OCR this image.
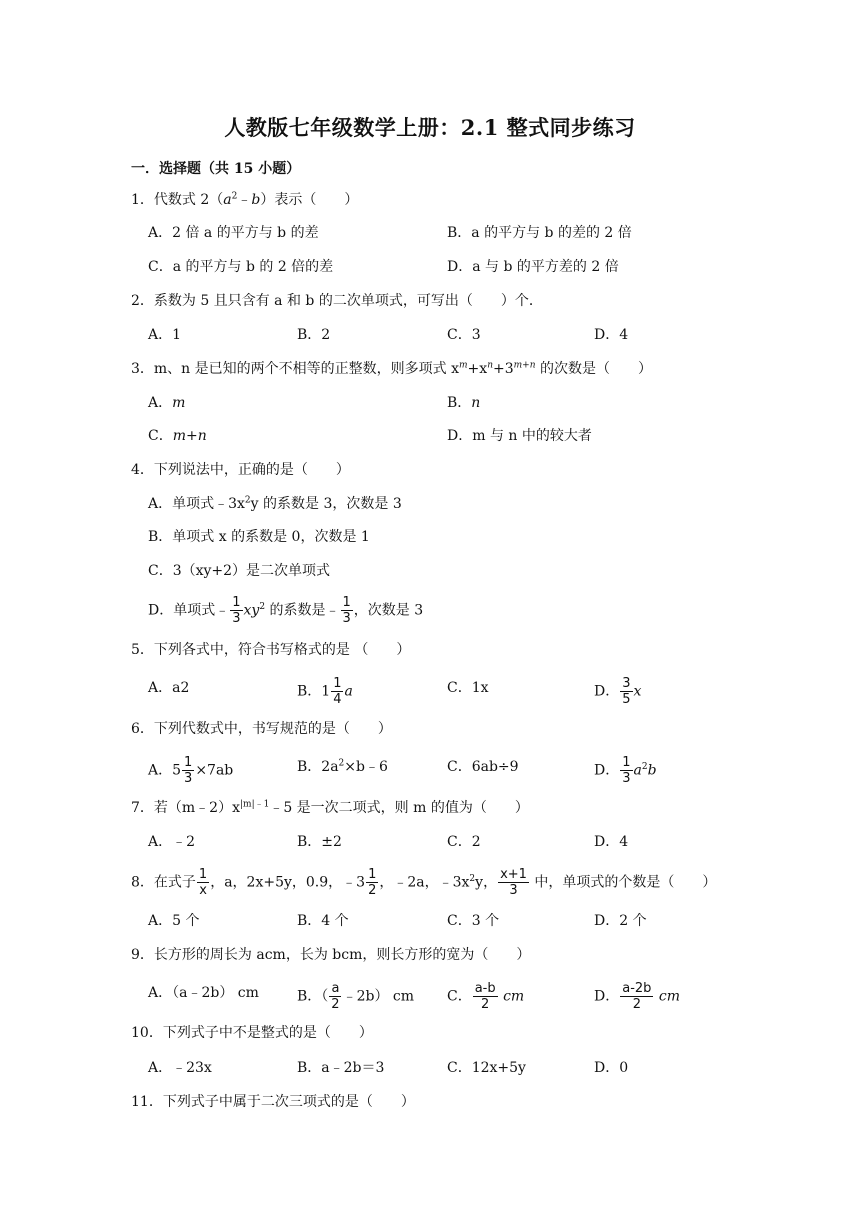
人教版七年级数学上册：2.1 整式同步练习
一．选择题（共 15 小题）
1．代数式 $2(a^2﹣b)$表示（　　）
A．2 倍 a 的平方与 b 的差	B．a 的平方与 b 的差的 2 倍
C．a 的平方与 b 的 2 倍的差	D．a 与 b 的平方差的 2 倍
2．系数为 5 且只含有 a 和 b 的二次单项式，可写出（　　）个．
A．1	B．2	C．3	D．4
3．m、n 是已知的两个不相等的正整数，则多项式 $x^m+x^n+3^{m+n}$ 的次数是（　　）
A．m	B．n
C．m+n	D．m 与 n 中的较大者
4．下列说法中，正确的是（　　）
A．单项式$﹣3x^2y$ 的系数是 3，次数是 3
B．单项式 x 的系数是 0，次数是 1
C．3（xy+2）是二次单项式
D．单项式﹣ $\frac{1}{3} xy^2$ 的系数是﹣ $\frac{1}{3}$ ，次数是 3
5．下列各式中，符合书写格式的是 （　　）
A．a2	B．$1 \frac{1}{4}$ a	C．1x	D． $\frac{3}{5}$ x
6．下列代数式中，书写规范的是（　　）
A．$5 \frac{1}{3} \times 7ab$	B．$2a^2\times b﹣6$	C．6ab÷9	D． $\frac{1}{3} a^2b$
7．若$(m﹣2)x^{|m|﹣1}﹣5$ 是一次二项式，则 m 的值为（　　）
A．﹣2	B．±2	C．2	D．4
8．在式子 $\frac{1}{x}$ ，a，2x+5y，0.9，﹣3 $\frac{1}{2}$ ，﹣2a，$﹣3x^2y$， $\frac{x+1}{3}$ 中，单项式的个数是（　　）
A．5 个	B．4 个	C．3 个	D．2 个
9．长方形的周长为 acm，长为 bcm，则长方形的宽为（　　）
A．（a﹣2b） cm	B．（ $\frac{a}{2}$ ﹣2b） cm C． $\frac{a-b}{2}$ cm	D． $\frac{a-2b}{2}$ cm
10．下列式子中不是整式的是（　　）
A．﹣23x	B．a﹣2b＝3	C．12x+5y	D．0
11．下列式子中属于二次三项式的是（　　）
